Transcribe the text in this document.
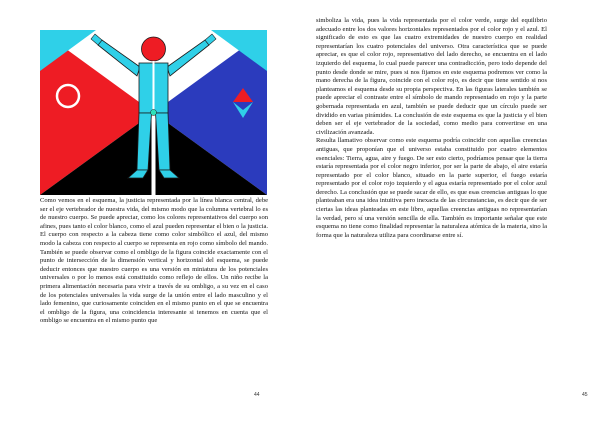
Como vemos en el esquema, la justicia representada por la línea blanca central, debe ser el eje vertebrador de nuestra vida, del mismo modo que la columna vertebral lo es de nuestro cuerpo. Se puede apreciar, como los colores representativos del cuerpo son afines, pues tanto el color blanco, como el azul pueden representar el bien o la justicia. El cuerpo con respecto a la cabeza tiene como color simbólico el azul, del mismo modo la cabeza con respecto al cuerpo se representa en rojo como símbolo del mando. También se puede observar como el ombligo de la figura coincide exactamente con el punto de intersección de la dimensión vertical y horizontal del esquema, se puede deducir entonces que nuestro cuerpo es una versión en miniatura de los potenciales universales o por lo menos está constituido como reflejo de ellos. Un niño recibe la primera alimentación necesaria para vivir a través de su ombligo, a su vez en el caso de los potenciales universales la vida surge de la unión entre el lado masculino y el lado femenino, que curiosamente coinciden en el mismo punto en el que se encuentra el ombligo de la figura, una coincidencia interesante si tenemos en cuenta que el ombligo se encuentra en el mismo punto que

44

simboliza la vida, pues la vida representada por el color verde, surge del equilibrio adecuado entre los dos valores horizontales representados por el color rojo y el azul. El significado de esto es que las cuatro extremidades de nuestro cuerpo en realidad representarían los cuatro potenciales del universo. Otra característica que se puede apreciar, es que el color rojo, representativo del lado derecho, se encuentra en el lado izquierdo del esquema, lo cual puede parecer una contradicción, pero todo depende del punto desde donde se mire, pues si nos fijamos en este esquema podremos ver como la mano derecha de la figura, coincide con el color rojo, es decir que tiene sentido si nos planteamos el esquema desde su propia perspectiva. En las figuras laterales también se puede apreciar el contraste entre el símbolo de mando representado en rojo y la parte gobernada representada en azul, también se puede deducir que un círculo puede ser dividido en varias pirámides. La conclusión de este esquema es que la justicia y el bien deben ser el eje vertebrador de la sociedad, como medio para convertirse en una civilización avanzada.

Resulta llamativo observar como este esquema podría coincidir con aquellas creencias antiguas, que proponían que el universo estaba constituido por cuatro elementos esenciales: Tierra, agua, aire y fuego. De ser esto cierto, podríamos pensar que la tierra estaría representada por el color negro inferior, por ser la parte de abajo, el aire estaría representado por el color blanco, situado en la parte superior, el fuego estaría representado por el color rojo izquierdo y el agua estaría representado por el color azul derecho. La conclusión que se puede sacar de ello, es que esas creencias antiguas lo que planteaban era una idea intuitiva pero inexacta de las circunstancias, es decir que de ser ciertas las ideas planteadas en este libro, aquellas creencias antiguas no representarían la verdad, pero sí una versión sencilla de ella. También es importante señalar que este esquema no tiene como finalidad representar la naturaleza atómica de la materia, sino la forma que la naturaleza utiliza para coordinarse entre sí.

45
